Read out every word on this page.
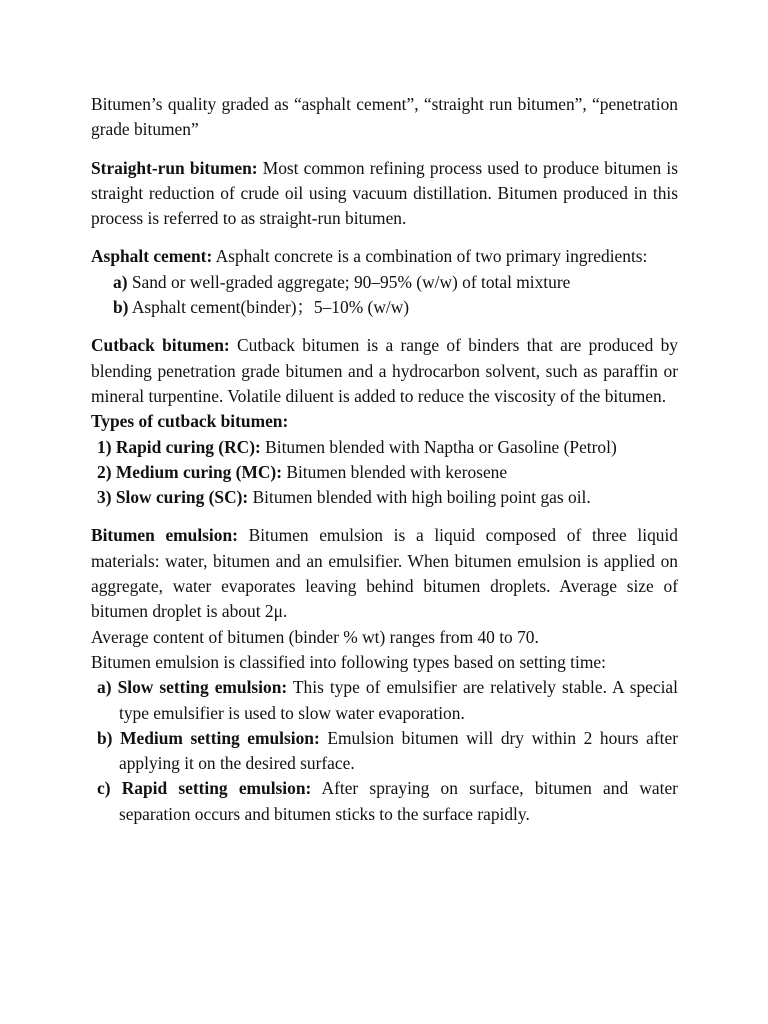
Bitumen’s quality graded as “asphalt cement”, “straight run bitumen”, “penetration grade bitumen”

Straight-run bitumen: Most common refining process used to produce bitumen is straight reduction of crude oil using vacuum distillation. Bitumen produced in this process is referred to as straight-run bitumen.

Asphalt cement: Asphalt concrete is a combination of two primary ingredients:

a) Sand or well-graded aggregate; 90–95% (w/w) of total mixture

b) Asphalt cement(binder)；5–10% (w/w)

Cutback bitumen: Cutback bitumen is a range of binders that are produced by blending penetration grade bitumen and a hydrocarbon solvent, such as paraffin or mineral turpentine. Volatile diluent is added to reduce the viscosity of the bitumen.

Types of cutback bitumen:

1) Rapid curing (RC): Bitumen blended with Naptha or Gasoline (Petrol)

2) Medium curing (MC): Bitumen blended with kerosene

3) Slow curing (SC): Bitumen blended with high boiling point gas oil.

Bitumen emulsion: Bitumen emulsion is a liquid composed of three liquid materials: water, bitumen and an emulsifier. When bitumen emulsion is applied on aggregate, water evaporates leaving behind bitumen droplets. Average size of bitumen droplet is about 2μ.

Average content of bitumen (binder % wt) ranges from 40 to 70.

Bitumen emulsion is classified into following types based on setting time:

a) Slow setting emulsion: This type of emulsifier are relatively stable. A special type emulsifier is used to slow water evaporation.

b) Medium setting emulsion: Emulsion bitumen will dry within 2 hours after applying it on the desired surface.

c) Rapid setting emulsion: After spraying on surface, bitumen and water separation occurs and bitumen sticks to the surface rapidly.
